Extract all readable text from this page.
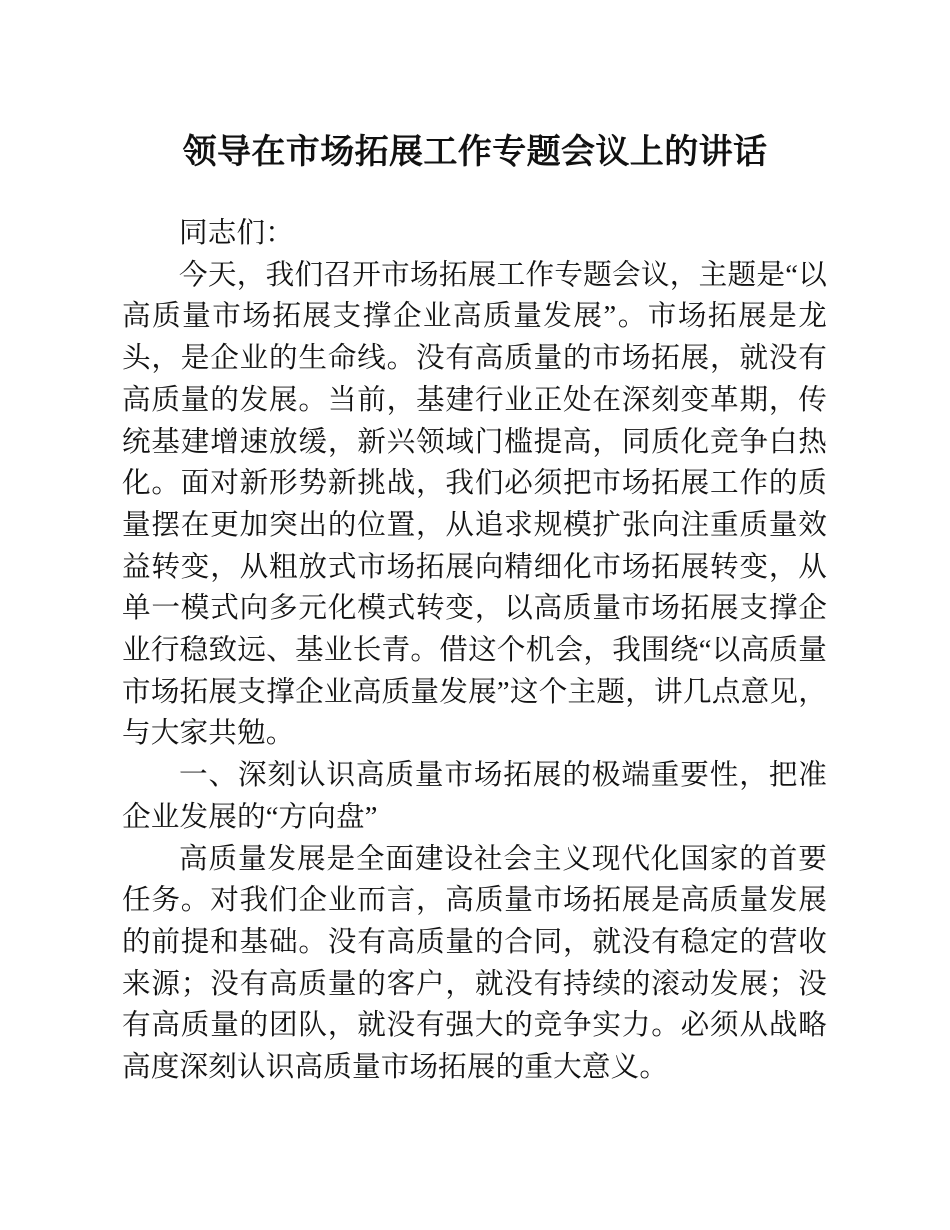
领导在市场拓展工作专题会议上的讲话

同志们：

今天，我们召开市场拓展工作专题会议，主题是“以高质量市场拓展支撑企业高质量发展”。市场拓展是龙头，是企业的生命线。没有高质量的市场拓展，就没有高质量的发展。当前，基建行业正处在深刻变革期，传统基建增速放缓，新兴领域门槛提高，同质化竞争白热化。面对新形势新挑战，我们必须把市场拓展工作的质量摆在更加突出的位置，从追求规模扩张向注重质量效益转变，从粗放式市场拓展向精细化市场拓展转变，从单一模式向多元化模式转变，以高质量市场拓展支撑企业行稳致远、基业长青。借这个机会，我围绕“以高质量市场拓展支撑企业高质量发展”这个主题，讲几点意见，与大家共勉。

一、深刻认识高质量市场拓展的极端重要性，把准企业发展的“方向盘”

高质量发展是全面建设社会主义现代化国家的首要任务。对我们企业而言，高质量市场拓展是高质量发展的前提和基础。没有高质量的合同，就没有稳定的营收来源；没有高质量的客户，就没有持续的滚动发展；没有高质量的团队，就没有强大的竞争实力。必须从战略高度深刻认识高质量市场拓展的重大意义。
